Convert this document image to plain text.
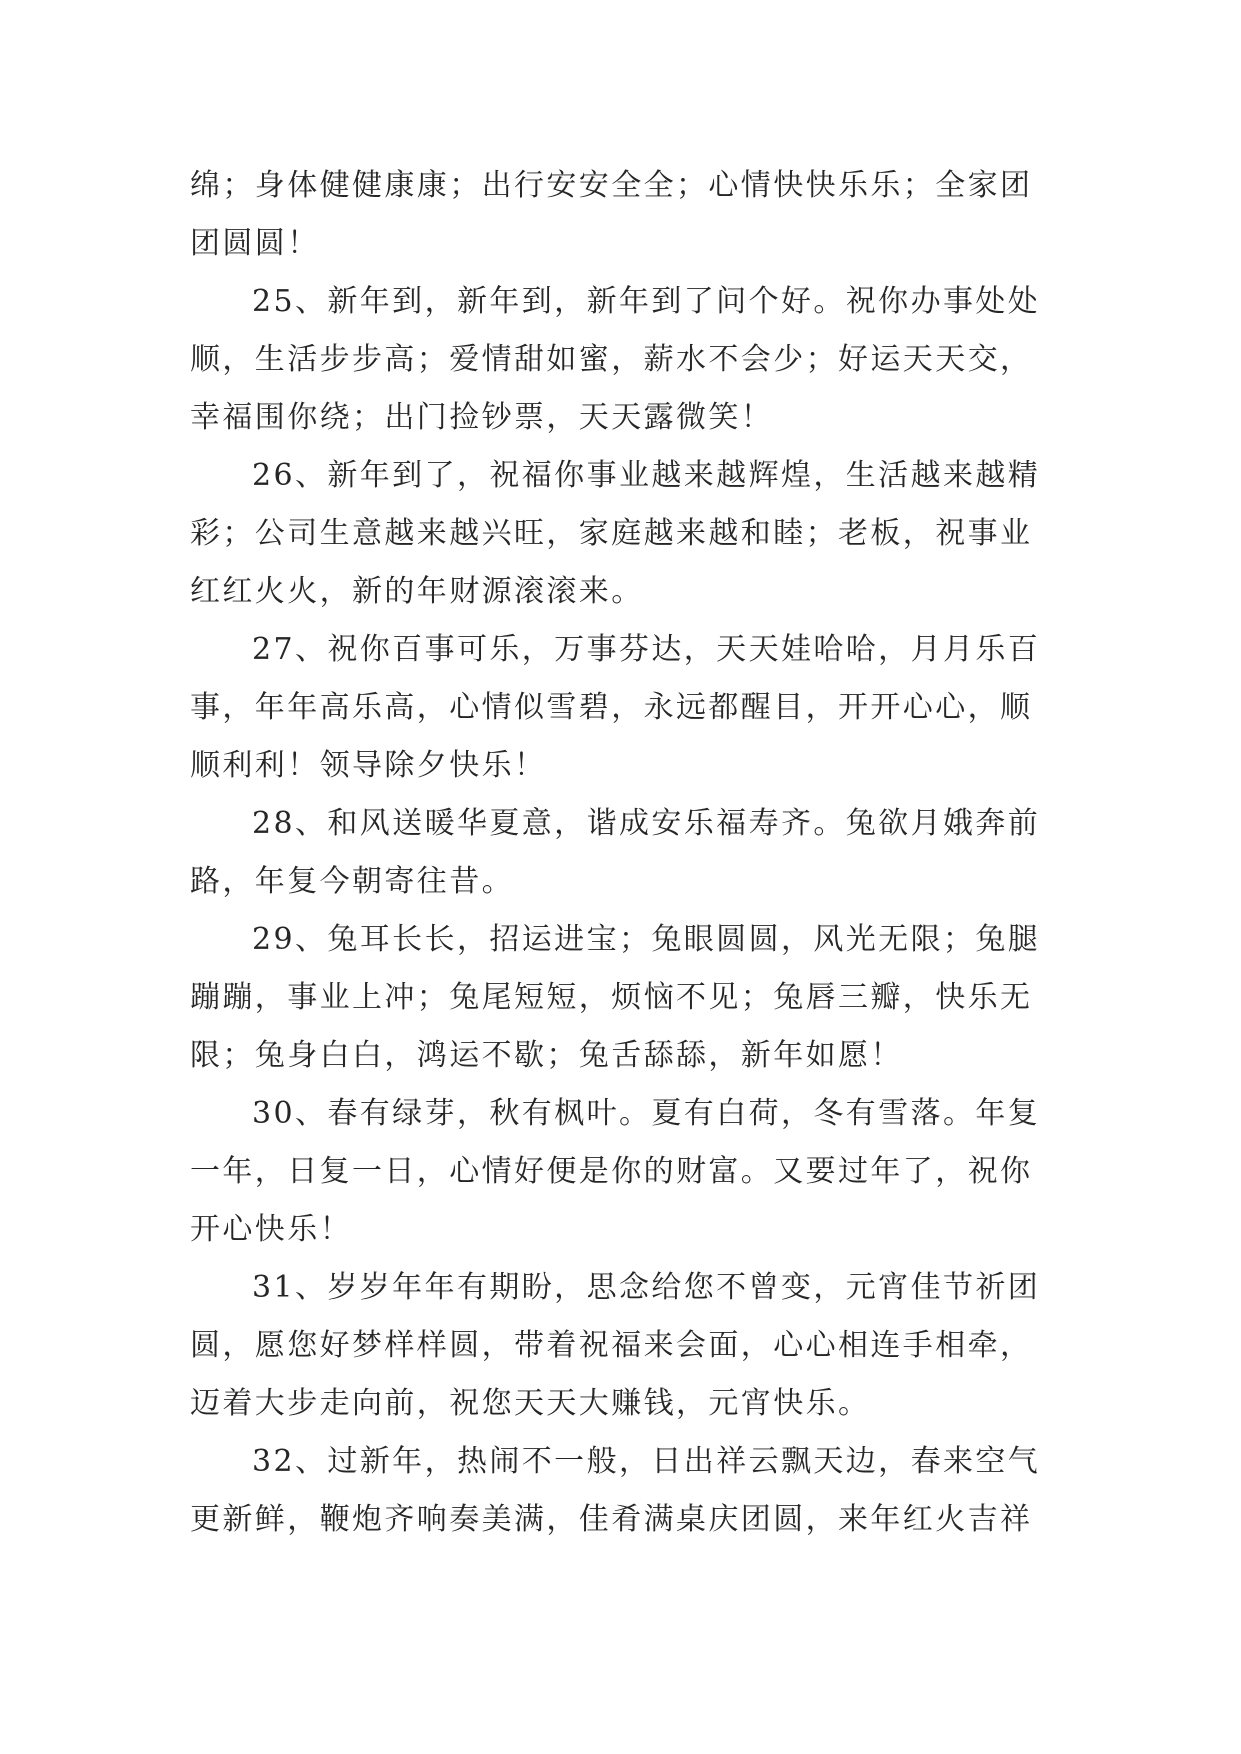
绵；身体健健康康；出行安安全全；心情快快乐乐；全家团团圆圆！

25、新年到，新年到，新年到了问个好。祝你办事处处顺，生活步步高；爱情甜如蜜，薪水不会少；好运天天交，幸福围你绕；出门捡钞票，天天露微笑！

26、新年到了，祝福你事业越来越辉煌，生活越来越精彩；公司生意越来越兴旺，家庭越来越和睦；老板，祝事业红红火火，新的年财源滚滚来。

27、祝你百事可乐，万事芬达，天天娃哈哈，月月乐百事，年年高乐高，心情似雪碧，永远都醒目，开开心心，顺顺利利！领导除夕快乐！

28、和风送暖华夏意，谐成安乐福寿齐。兔欲月娥奔前路，年复今朝寄往昔。

29、兔耳长长，招运进宝；兔眼圆圆，风光无限；兔腿蹦蹦，事业上冲；兔尾短短，烦恼不见；兔唇三瓣，快乐无限；兔身白白，鸿运不歇；兔舌舔舔，新年如愿！

30、春有绿芽，秋有枫叶。夏有白荷，冬有雪落。年复一年，日复一日，心情好便是你的财富。又要过年了，祝你开心快乐！

31、岁岁年年有期盼，思念给您不曾变，元宵佳节祈团圆，愿您好梦样样圆，带着祝福来会面，心心相连手相牵，迈着大步走向前，祝您天天大赚钱，元宵快乐。

32、过新年，热闹不一般，日出祥云飘天边，春来空气更新鲜，鞭炮齐响奏美满，佳肴满桌庆团圆，来年红火吉祥
